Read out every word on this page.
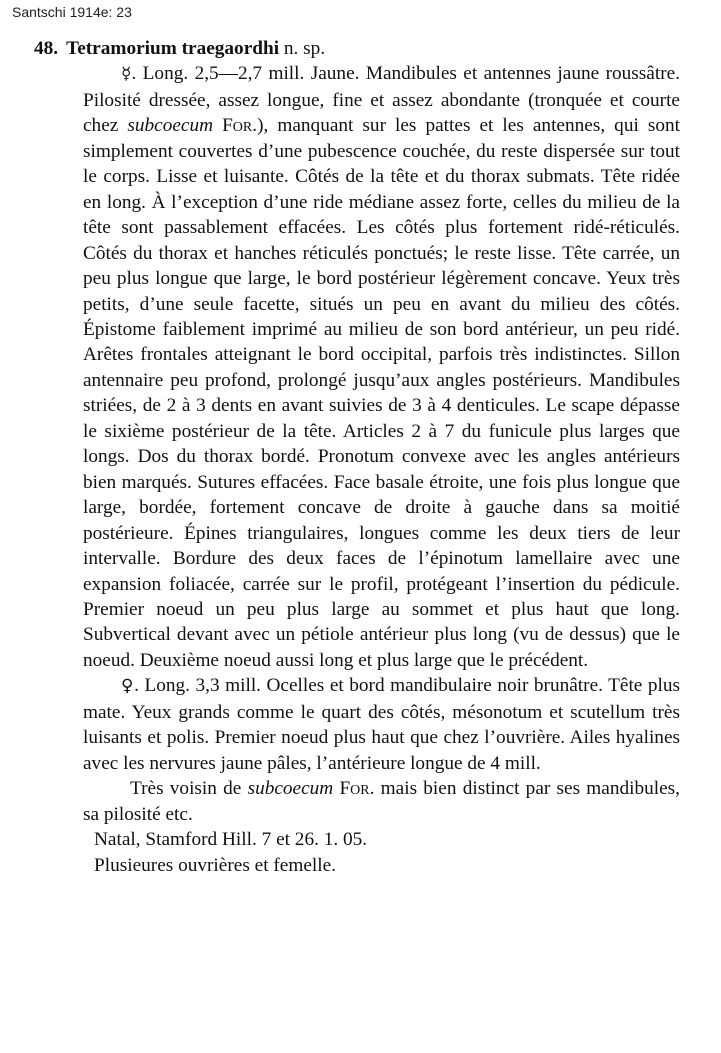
Santschi 1914e: 23
48. Tetramorium traegaordhi n. sp.
☿. Long. 2,5—2,7 mill. Jaune. Mandibules et antennes jaune roussâtre. Pilosité dressée, assez longue, fine et assez abondante (tronquée et courte chez subcoecum For.), manquant sur les pattes et les antennes, qui sont simplement couvertes d’une pubescence couchée, du reste dispersée sur tout le corps. Lisse et luisante. Côtés de la tête et du thorax submats. Tête ridée en long. À l’exception d’une ride médiane assez forte, celles du milieu de la tête sont passablement effacées. Les côtés plus fortement ridé-réticulés. Côtés du thorax et hanches réticulés ponctués; le reste lisse. Tête carrée, un peu plus longue que large, le bord postérieur légèrement concave. Yeux très petits, d’une seule facette, situés un peu en avant du milieu des côtés. Épistome faiblement imprimé au milieu de son bord antérieur, un peu ridé. Arêtes frontales atteignant le bord occipital, parfois très indistinctes. Sillon antennaire peu profond, prolongé jusqu’aux angles postérieurs. Mandibules striées, de 2 à 3 dents en avant suivies de 3 à 4 denticules. Le scape dépasse le sixième postérieur de la tête. Articles 2 à 7 du funicule plus larges que longs. Dos du thorax bordé. Pronotum convexe avec les angles antérieurs bien marqués. Sutures effacées. Face basale étroite, une fois plus longue que large, bordée, fortement concave de droite à gauche dans sa moitié postérieure. Épines triangulaires, longues comme les deux tiers de leur intervalle. Bordure des deux faces de l’épinotum lamellaire avec une expansion foliacée, carrée sur le profil, protégeant l’insertion du pédicule. Premier noeud un peu plus large au sommet et plus haut que long. Subvertical devant avec un pétiole antérieur plus long (vu de dessus) que le noeud. Deuxième noeud aussi long et plus large que le précédent.
♀. Long. 3,3 mill. Ocelles et bord mandibulaire noir brunâtre. Tête plus mate. Yeux grands comme le quart des côtés, mésonotum et scutellum très luisants et polis. Premier noeud plus haut que chez l’ouvrière. Ailes hyalines avec les nervures jaune pâles, l’antérieure longue de 4 mill.
Très voisin de subcoecum For. mais bien distinct par ses mandibules, sa pilosité etc.
Natal, Stamford Hill. 7 et 26. 1. 05.
Plusieures ouvrières et femelle.
